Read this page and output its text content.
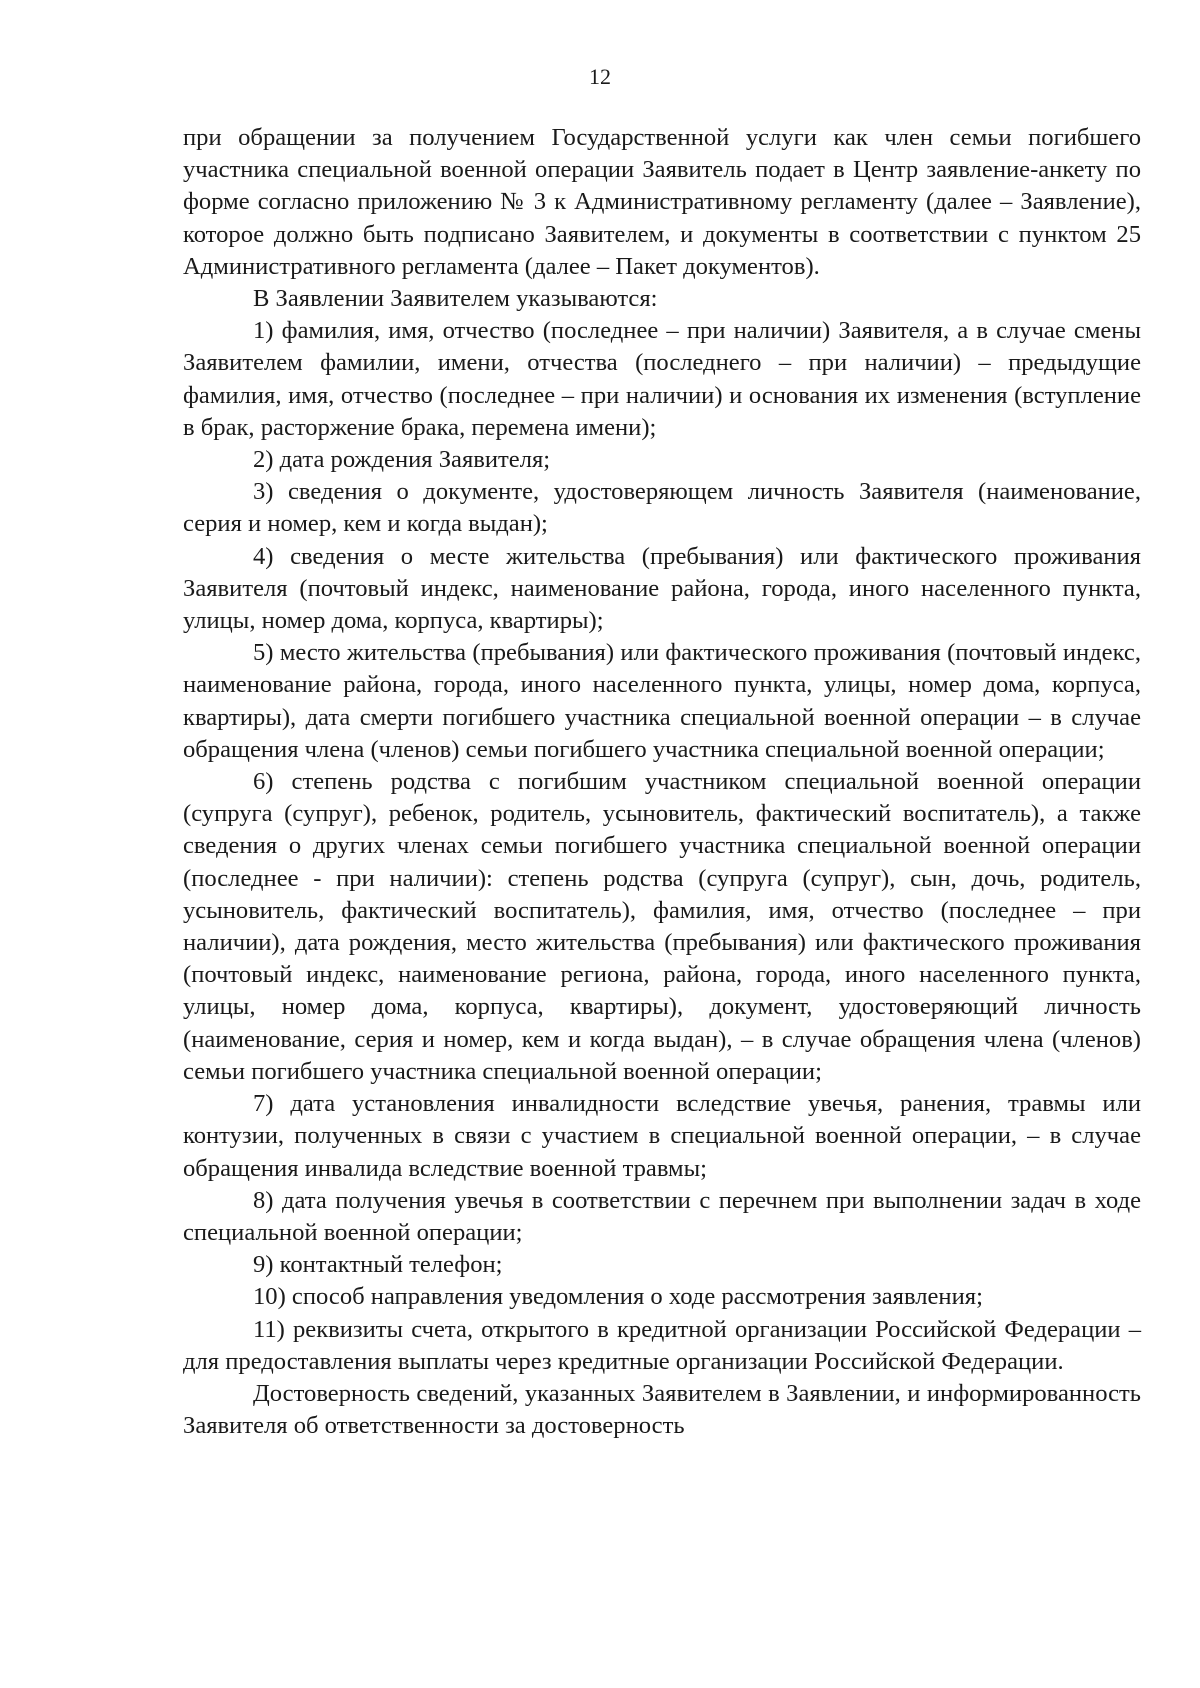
12

при обращении за получением Государственной услуги как член семьи погибшего участника специальной военной операции Заявитель подает в Центр заявление-анкету по форме согласно приложению № 3 к Административному регламенту (далее – Заявление), которое должно быть подписано Заявителем, и документы в соответствии с пунктом 25 Административного регламента (далее – Пакет документов).

В Заявлении Заявителем указываются:

1) фамилия, имя, отчество (последнее – при наличии) Заявителя, а в случае смены Заявителем фамилии, имени, отчества (последнего – при наличии) – предыдущие фамилия, имя, отчество (последнее – при наличии) и основания их изменения (вступление в брак, расторжение брака, перемена имени);

2) дата рождения Заявителя;

3) сведения о документе, удостоверяющем личность Заявителя (наименование, серия и номер, кем и когда выдан);

4) сведения о месте жительства (пребывания) или фактического проживания Заявителя (почтовый индекс, наименование района, города, иного населенного пункта, улицы, номер дома, корпуса, квартиры);

5) место жительства (пребывания) или фактического проживания (почтовый индекс, наименование района, города, иного населенного пункта, улицы, номер дома, корпуса, квартиры), дата смерти погибшего участника специальной военной операции – в случае обращения члена (членов) семьи погибшего участника специальной военной операции;

6) степень родства с погибшим участником специальной военной операции (супруга (супруг), ребенок, родитель, усыновитель, фактический воспитатель), а также сведения о других членах семьи погибшего участника специальной военной операции (последнее - при наличии): степень родства (супруга (супруг), сын, дочь, родитель, усыновитель, фактический воспитатель), фамилия, имя, отчество (последнее – при наличии), дата рождения, место жительства (пребывания) или фактического проживания (почтовый индекс, наименование региона, района, города, иного населенного пункта, улицы, номер дома, корпуса, квартиры), документ, удостоверяющий личность (наименование, серия и номер, кем и когда выдан), – в случае обращения члена (членов) семьи погибшего участника специальной военной операции;

7) дата установления инвалидности вследствие увечья, ранения, травмы или контузии, полученных в связи с участием в специальной военной операции, – в случае обращения инвалида вследствие военной травмы;

8) дата получения увечья в соответствии с перечнем при выполнении задач в ходе специальной военной операции;

9) контактный телефон;

10) способ направления уведомления о ходе рассмотрения заявления;

11) реквизиты счета, открытого в кредитной организации Российской Федерации – для предоставления выплаты через кредитные организации Российской Федерации.

Достоверность сведений, указанных Заявителем в Заявлении, и информированность Заявителя об ответственности за достоверность
